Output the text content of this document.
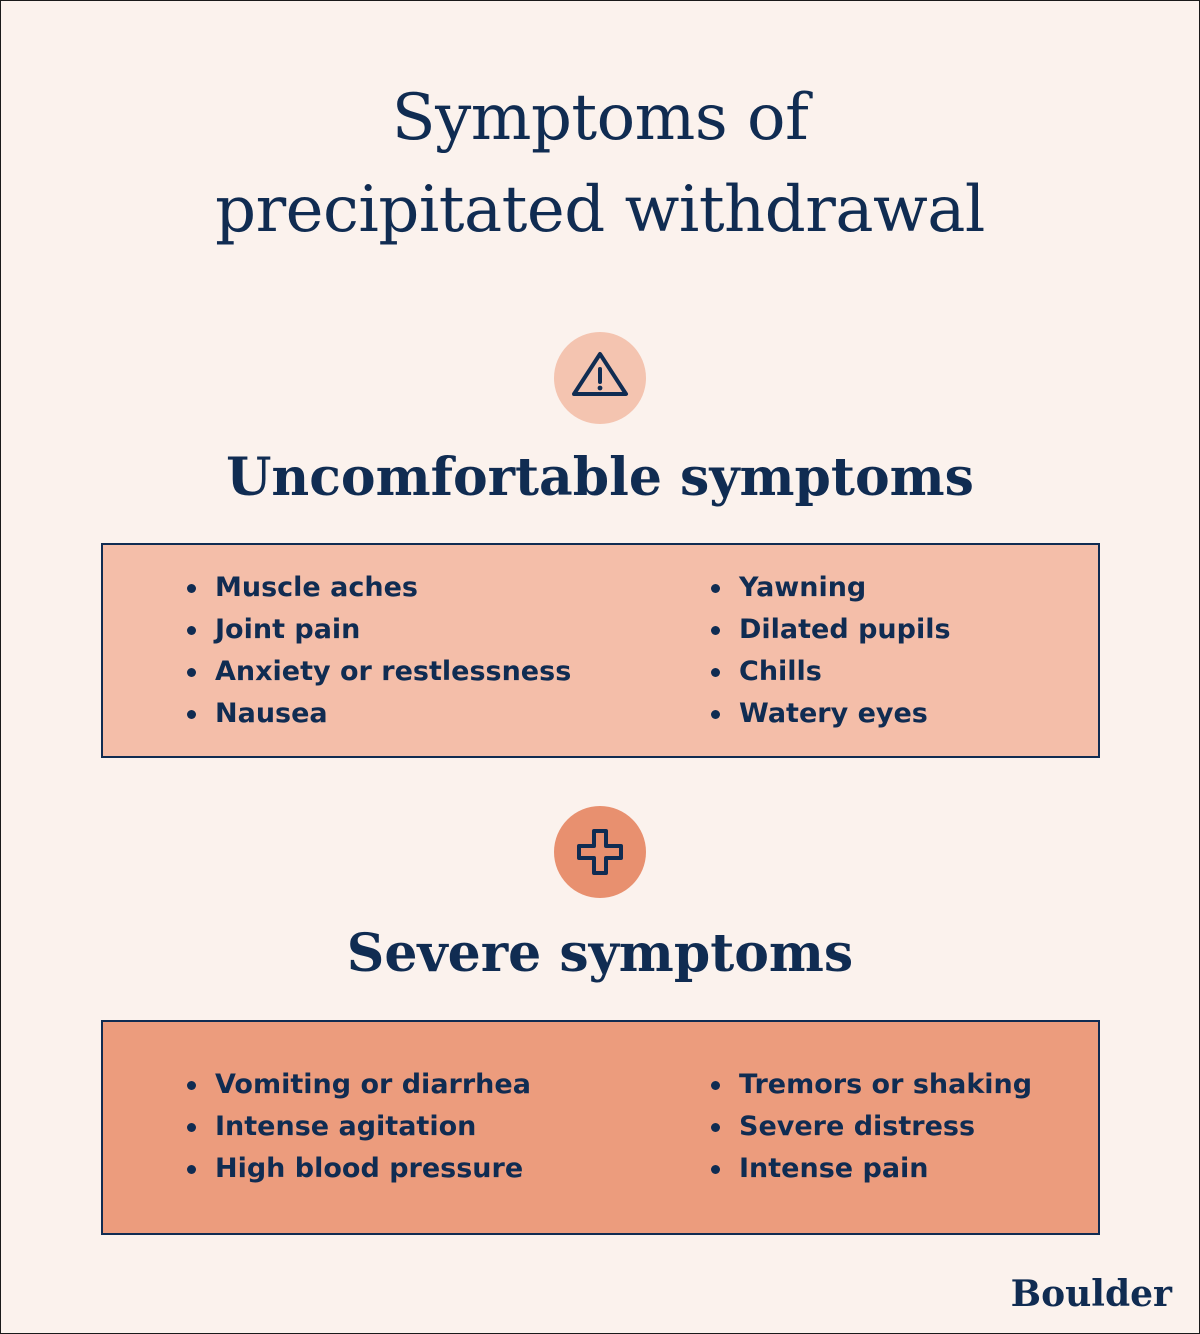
Symptoms of
precipitated withdrawal
Uncomfortable symptoms
Muscle aches
Joint pain
Anxiety or restlessness
Nausea
Yawning
Dilated pupils
Chills
Watery eyes
Severe symptoms
Vomiting or diarrhea
Intense agitation
High blood pressure
Tremors or shaking
Severe distress
Intense pain
Boulder
